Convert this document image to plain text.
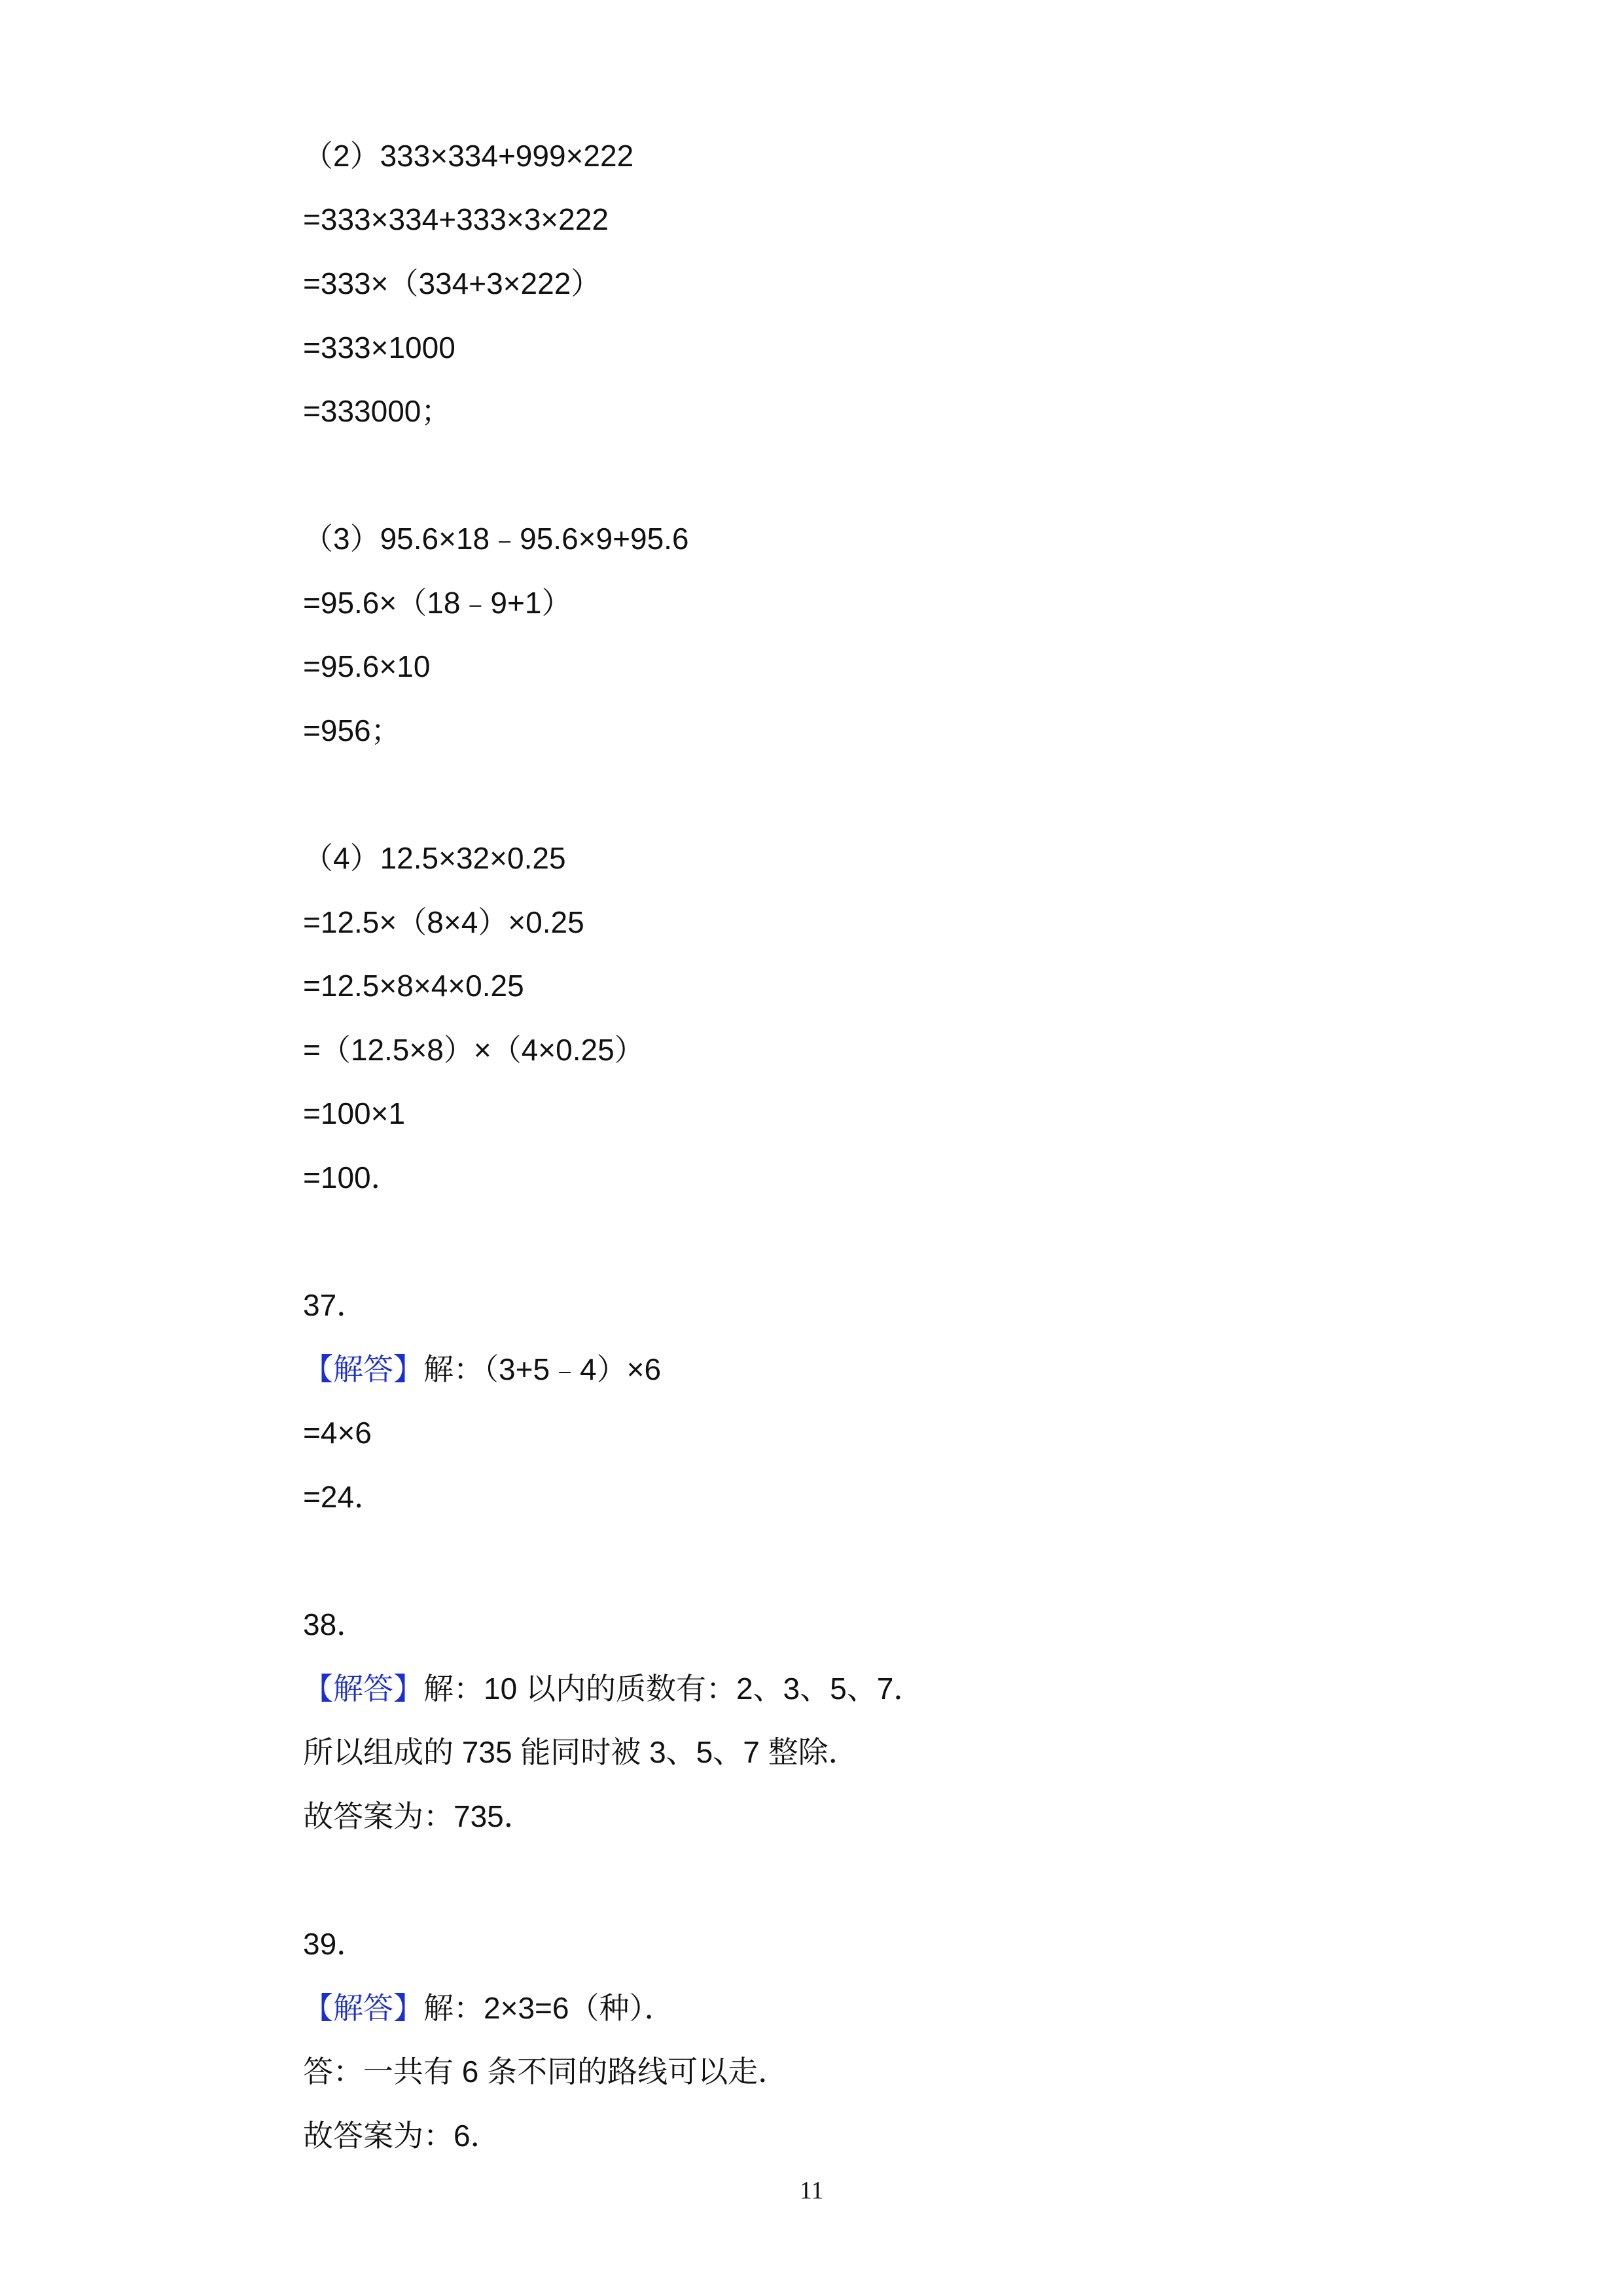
（2）333×334+999×222
=333×334+333×3×222
=333×（334+3×222）
=333×1000
=333000；
（3）95.6×18﹣95.6×9+95.6
=95.6×（18﹣9+1）
=95.6×10
=956；
（4）12.5×32×0.25
=12.5×（8×4）×0.25
=12.5×8×4×0.25
=（12.5×8）×（4×0.25）
=100×1
=100．
37．
【解答】解：（3+5﹣4）×6
=4×6
=24．
38．
【解答】解：10 以内的质数有：2、3、5、7．
所以组成的 735 能同时被 3、5、7 整除．
故答案为：735．
39．
【解答】解：2×3=6（种）．
答：一共有 6 条不同的路线可以走．
故答案为：6．
11
